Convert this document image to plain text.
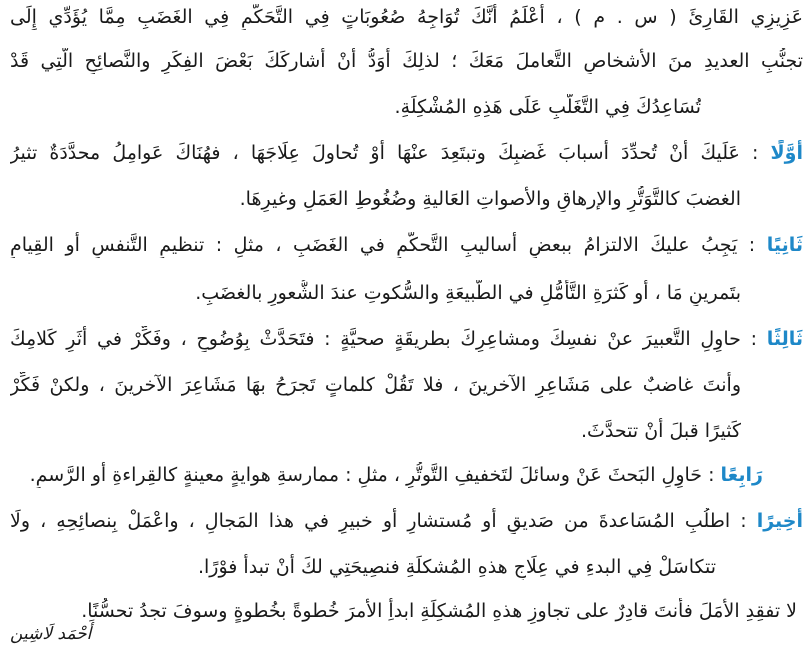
عَزِيزِي القَارِئَ ( س . م ) ، أَعْلَمُ أَنَّكَ تُوَاجِهُ صُعُوبَاتٍ فِي التَّحَكُّمِ فِي الغَضَبِ مِمَّا يُؤَدِّي إِلَى
تجنُّبِ العديدِ منَ الأشخاصِ التَّعاملَ مَعَكَ ؛ لذلِكَ أوَدُّ أنْ أشاركَكَ بَعْضَ الفِكَرِ والنَّصائِحِ الَّتِي قَدْ
تُسَاعِدُكَ فِي التَّغَلُّبِ عَلَى هَذِهِ المُشْكِلَةِ.
أَوَّلًا : عَلَيكَ أنْ تُحدِّدَ أسبابَ غَضبِكَ وتبتَعِدَ عنْهَا أوْ تُحاولَ عِلَاجَهَا ، فهُنَاكَ عَوامِلُ محدَّدَةٌ تثيرُ
الغضبَ كالتَّوَتُّرِ والإرهاقِ والأصواتِ العَاليةِ وضُغُوطِ العَمَلِ وغيرِهَا.
ثَانِيًا : يَجِبُ عليكَ الالتزامُ ببعضِ أساليبِ التَّحكُّمِ في الغَضَبِ ، مثلِ : تنظيمِ التَّنفسِ أو القِيامِ
بتَمرينٍ مَا ، أو كَثرَةِ التَّأمُّلِ في الطَّبيعَةِ والسُّكوتِ عندَ الشُّعورِ بالغضَبِ.
ثَالِثًا : حاوِلِ التَّعبيرَ عنْ نفسِكَ ومشاعِرِكَ بطريقَةٍ صحيَّةٍ : فتَحَدَّثْ بِوُضُوحٍ ، وفَكِّرْ في أثَرِ كَلامِكَ
وأنتَ غاضبٌ على مَشَاعِرِ الآخرينَ ، فلا تَقُلْ كلماتٍ تَجرَحُ بهَا مَشَاعِرَ الآخرينَ ، ولكنْ فَكِّرْ
كَثيرًا قبلَ أنْ تتحدَّثَ.
رَابِعًا : حَاوِلِ البَحثَ عَنْ وسائلَ لتَخفيفِ التَّوتُّرِ ، مثلِ : ممارسةِ هوايةٍ معينةٍ كالقِراءةِ أو الرَّسمِ.
أَخِيرًا : اطلُبِ المُسَاعدةَ من صَديقٍ أو مُستشارٍ أو خبيرٍ في هذا المَجالِ ، واعْمَلْ بِنصائِحِهِ ، ولَا
تتكاسَلْ فِي البدءِ في عِلَاجِ هذهِ المُشكلَةِ فنصِيحَتِي لكَ أنْ تبدأَ فوْرًا.
لا تفقِدِ الأمَلَ فأنتَ قادِرٌ على تجاوزِ هذهِ المُشكِلَةِ ابدأِ الأمرَ خُطوةً بخُطوةٍ وسوفَ تجدُ تحسُّنًا.
أَحْمَد لَاشِين
